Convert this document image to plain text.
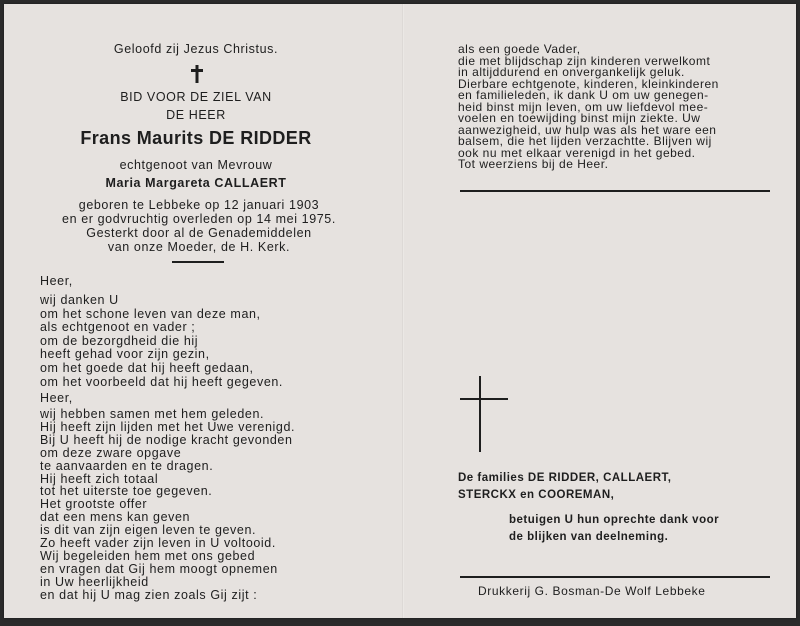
Geloofd zij Jezus Christus.
BID VOOR DE ZIEL VAN
DE HEER
Frans Maurits DE RIDDER
echtgenoot van Mevrouw
Maria Margareta CALLAERT
geboren te Lebbeke op 12 januari 1903
en er godvruchtig overleden op 14 mei 1975.
Gesterkt door al de Genademiddelen
van onze Moeder, de H. Kerk.
Heer,
wij danken U
om het schone leven van deze man,
als echtgenoot en vader ;
om de bezorgdheid die hij
heeft gehad voor zijn gezin,
om het goede dat hij heeft gedaan,
om het voorbeeld dat hij heeft gegeven.
Heer,
wij hebben samen met hem geleden.
Hij heeft zijn lijden met het Uwe verenigd.
Bij U heeft hij de nodige kracht gevonden
om deze zware opgave
te aanvaarden en te dragen.
Hij heeft zich totaal
tot het uiterste toe gegeven.
Het grootste offer
dat een mens kan geven
is dit van zijn eigen leven te geven.
Zo heeft vader zijn leven in U voltooid.
Wij begeleiden hem met ons gebed
en vragen dat Gij hem moogt opnemen
in Uw heerlijkheid
en dat hij U mag zien zoals Gij zijt :
als een goede Vader,
die met blijdschap zijn kinderen verwelkomt
in altijddurend en onvergankelijk geluk.
Dierbare echtgenote, kinderen, kleinkinderen
en familieleden, ik dank U om uw genegen-
heid binst mijn leven, om uw liefdevol mee-
voelen en toewijding binst mijn ziekte. Uw
aanwezigheid, uw hulp was als het ware een
balsem, die het lijden verzachtte. Blijven wij
ook nu met elkaar verenigd in het gebed.
Tot weerziens bij de Heer.
De families DE RIDDER, CALLAERT,
STERCKX en COOREMAN,
betuigen U hun oprechte dank voor
de blijken van deelneming.
Drukkerij G. Bosman-De Wolf Lebbeke
